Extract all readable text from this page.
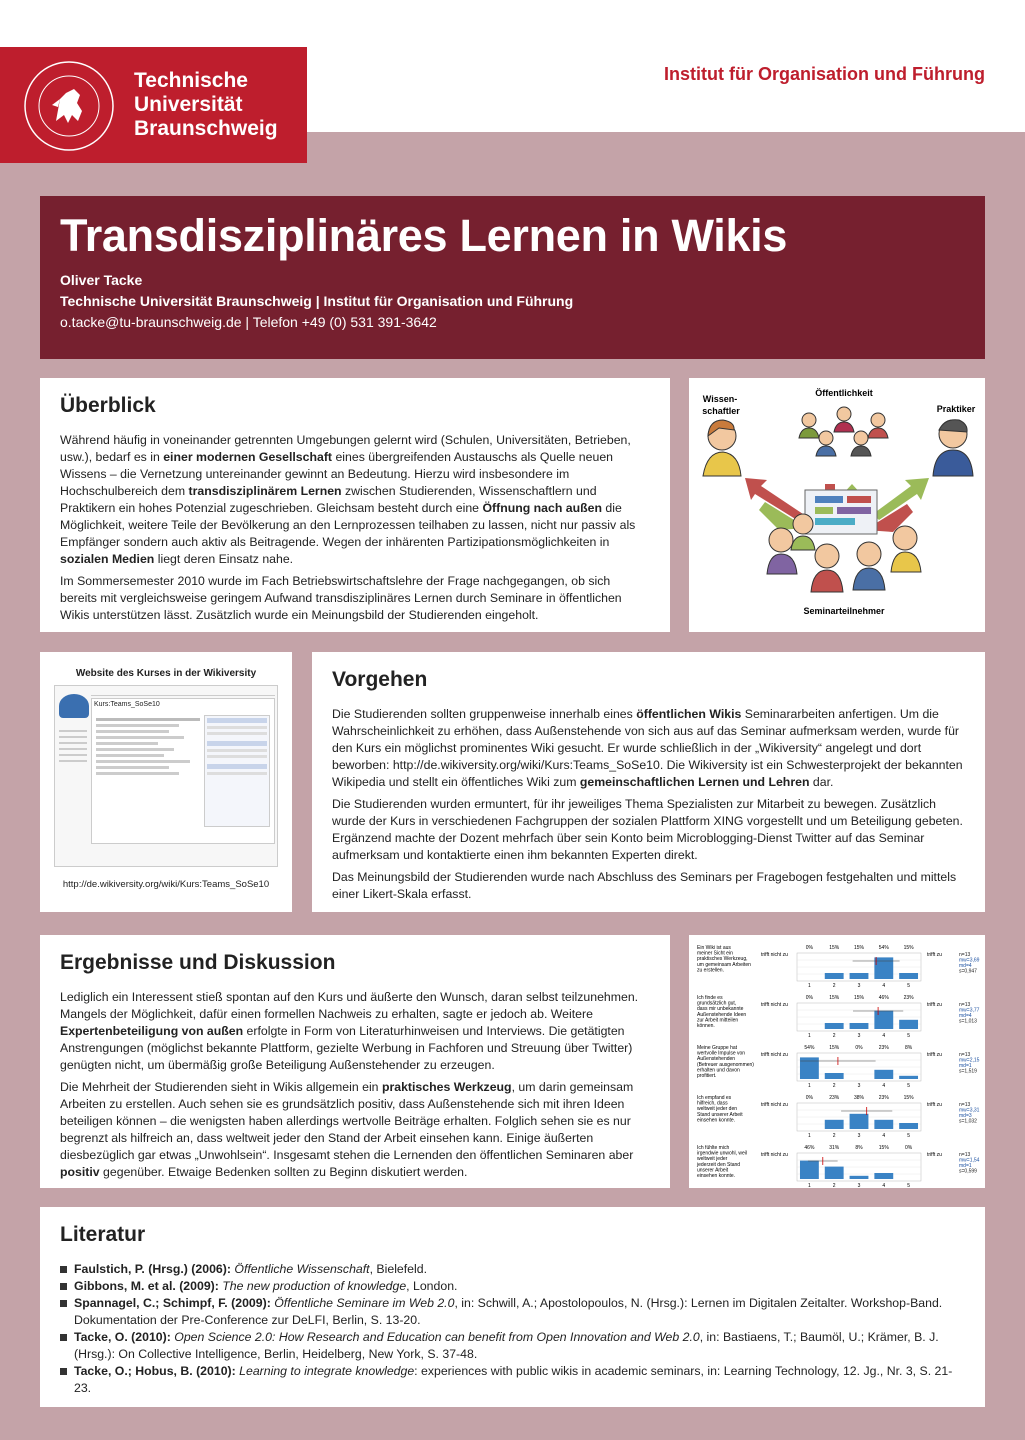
Technische
Universität
Braunschweig
Institut für Organisation und Führung
Transdisziplinäres Lernen in Wikis
Oliver Tacke
Technische Universität Braunschweig | Institut für Organisation und Führung
o.tacke@tu-braunschweig.de | Telefon +49 (0) 531 391-3642
Überblick

Während häufig in voneinander getrennten Umgebungen gelernt wird (Schulen, Universitäten, Betrieben, usw.), bedarf es in einer modernen Gesellschaft eines übergreifenden Austauschs als Quelle neuen Wissens – die Vernetzung untereinander gewinnt an Bedeutung. Hierzu wird insbesondere im Hochschulbereich dem transdisziplinärem Lernen zwischen Studierenden, Wissenschaftlern und Praktikern ein hohes Potenzial zugeschrieben. Gleichsam besteht durch eine Öffnung nach außen die Möglichkeit, weitere Teile der Bevölkerung an den Lernprozessen teilhaben zu lassen, nicht nur passiv als Empfänger sondern auch aktiv als Beitragende. Wegen der inhärenten Partizipationsmöglichkeiten in sozialen Medien liegt deren Einsatz nahe.

Im Sommersemester 2010 wurde im Fach Betriebswirtschaftslehre der Frage nachgegangen, ob sich bereits mit vergleichsweise geringem Aufwand transdisziplinäres Lernen durch Seminare in öffentlichen Wikis unterstützen lässt. Zusätzlich wurde ein Meinungsbild der Studierenden eingeholt.

Öffentlichkeit
Wissen-
schaftler	Praktiker
Seminarteilnehmer
Website des Kurses in der Wikiversity
Kurs:Teams_SoSe10
http://de.wikiversity.org/wiki/Kurs:Teams_SoSe10
Vorgehen

Die Studierenden sollten gruppenweise innerhalb eines öffentlichen Wikis Seminararbeiten anfertigen. Um die Wahrscheinlichkeit zu erhöhen, dass Außenstehende von sich aus auf das Seminar aufmerksam werden, wurde für den Kurs ein möglichst prominentes Wiki gesucht. Er wurde schließlich in der „Wikiversity“ angelegt und dort beworben: http://de.wikiversity.org/wiki/Kurs:Teams_SoSe10. Die Wikiversity ist ein Schwesterprojekt der bekannten Wikipedia und stellt ein öffentliches Wiki zum gemeinschaftlichen Lernen und Lehren dar.

Die Studierenden wurden ermuntert, für ihr jeweiliges Thema Spezialisten zur Mitarbeit zu bewegen. Zusätzlich wurde der Kurs in verschiedenen Fachgruppen der sozialen Plattform XING vorgestellt und um Beteiligung gebeten. Ergänzend machte der Dozent mehrfach über sein Konto beim Microblogging-Dienst Twitter auf das Seminar aufmerksam und kontaktierte einen ihm bekannten Experten direkt.

Das Meinungsbild der Studierenden wurde nach Abschluss des Seminars per Fragebogen festgehalten und mittels einer Likert-Skala erfasst.

Ergebnisse und Diskussion

Lediglich ein Interessent stieß spontan auf den Kurs und äußerte den Wunsch, daran selbst teilzunehmen. Mangels der Möglichkeit, dafür einen formellen Nachweis zu erhalten, sagte er jedoch ab. Weitere Expertenbeteiligung von außen erfolgte in Form von Literaturhinweisen und Interviews. Die getätigten Anstrengungen (möglichst bekannte Plattform, gezielte Werbung in Fachforen und Streuung über Twitter) genügten nicht, um übermäßig große Beteiligung Außenstehender zu erzeugen.

Die Mehrheit der Studierenden sieht in Wikis allgemein ein praktisches Werkzeug, um darin gemeinsam Arbeiten zu erstellen. Auch sehen sie es grundsätzlich positiv, dass Außenstehende sich mit ihren Ideen beteiligen können – die wenigsten haben allerdings wertvolle Beiträge erhalten. Folglich sehen sie es nur begrenzt als hilfreich an, dass weltweit jeder den Stand der Arbeit einsehen kann. Einige äußerten diesbezüglich gar etwas „Unwohlsein“. Insgesamt stehen die Lernenden den öffentlichen Seminaren aber positiv gegenüber. Etwaige Bedenken sollten zu Beginn diskutiert werden.

Ein Wiki ist aus
meiner Sicht ein
praktisches Werkzeug,
um gemeinsam Arbeiten
zu erstellen.
trifft nicht zu	trifft zu
0%
1
15%
2
15%
3
54%
4
15%
5
n=13
mw=3,69
md=4
s=0,947
Ich finde es
grundsätzlich gut,
dass mir unbekannte
Außenstehende Ideen
zur Arbeit mitteilen
können.
trifft nicht zu	trifft zu
0%
1
15%
2
15%
3
46%
4
23%
5
n=13
mw=3,77
md=4
s=1,013
Meine Gruppe hat
wertvolle Impulse von
Außenstehenden
(Betreuer ausgenommen)
erhalten und davon
profitiert.
trifft nicht zu	trifft zu
54%
1
15%
2
0%
3
23%
4
8%
5
n=13
mw=2,15
md=1
s=1,519
Ich empfand es
hilfreich, dass
weltweit jeder den
Stand unserer Arbeit
einsehen konnte.
trifft nicht zu	trifft zu
0%
1
23%
2
38%
3
23%
4
15%
5
n=13
mw=3,31
md=3
s=1,032
Ich fühlte mich
irgendwie unwohl, weil
weltweit jeder
jederzeit den Stand
unserer Arbeit
einsehen konnte.
trifft nicht zu	trifft zu
46%
1
31%
2
8%
3
15%
4
0%
5
n=13
mw=1,54
md=1
s=0,599
Literatur
Faulstich, P. (Hrsg.) (2006): Öffentliche Wissenschaft, Bielefeld.
Gibbons, M. et al. (2009): The new production of knowledge, London.
Spannagel, C.; Schimpf, F. (2009): Öffentliche Seminare im Web 2.0, in: Schwill, A.; Apostolopoulos, N. (Hrsg.): Lernen im Digitalen Zeitalter. Workshop-Band. Dokumentation der Pre-Conference zur DeLFI, Berlin, S. 13-20.
Tacke, O. (2010): Open Science 2.0: How Research and Education can benefit from Open Innovation and Web 2.0, in: Bastiaens, T.; Baumöl, U.; Krämer, B. J. (Hrsg.): On Collective Intelligence, Berlin, Heidelberg, New York, S. 37-48.
Tacke, O.; Hobus, B. (2010): Learning to integrate knowledge: experiences with public wikis in academic seminars, in: Learning Technology, 12. Jg., Nr. 3, S. 21-23.
